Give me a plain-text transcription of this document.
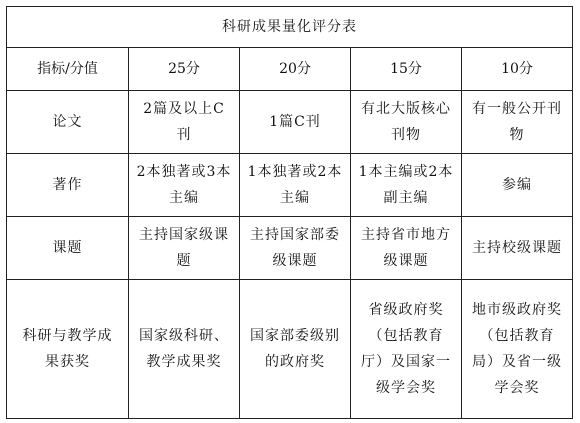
科研成果量化评分表				
指标/分值	25分	20分	15分	10分
论文	2篇及以上C刊	1篇C刊	有北大版核心刊物	有一般公开刊物
著作	2本独著或3本主编	1本独著或2本主编	1本主编或2本副主编	参编
课题	主持国家级课题	主持国家部委级课题	主持省市地方级课题	主持校级课题
科研与教学成果获奖	国家级科研、教学成果奖	国家部委级别的政府奖	省级政府奖（包括教育厅）及国家一级学会奖	地市级政府奖（包括教育局）及省一级学会奖
